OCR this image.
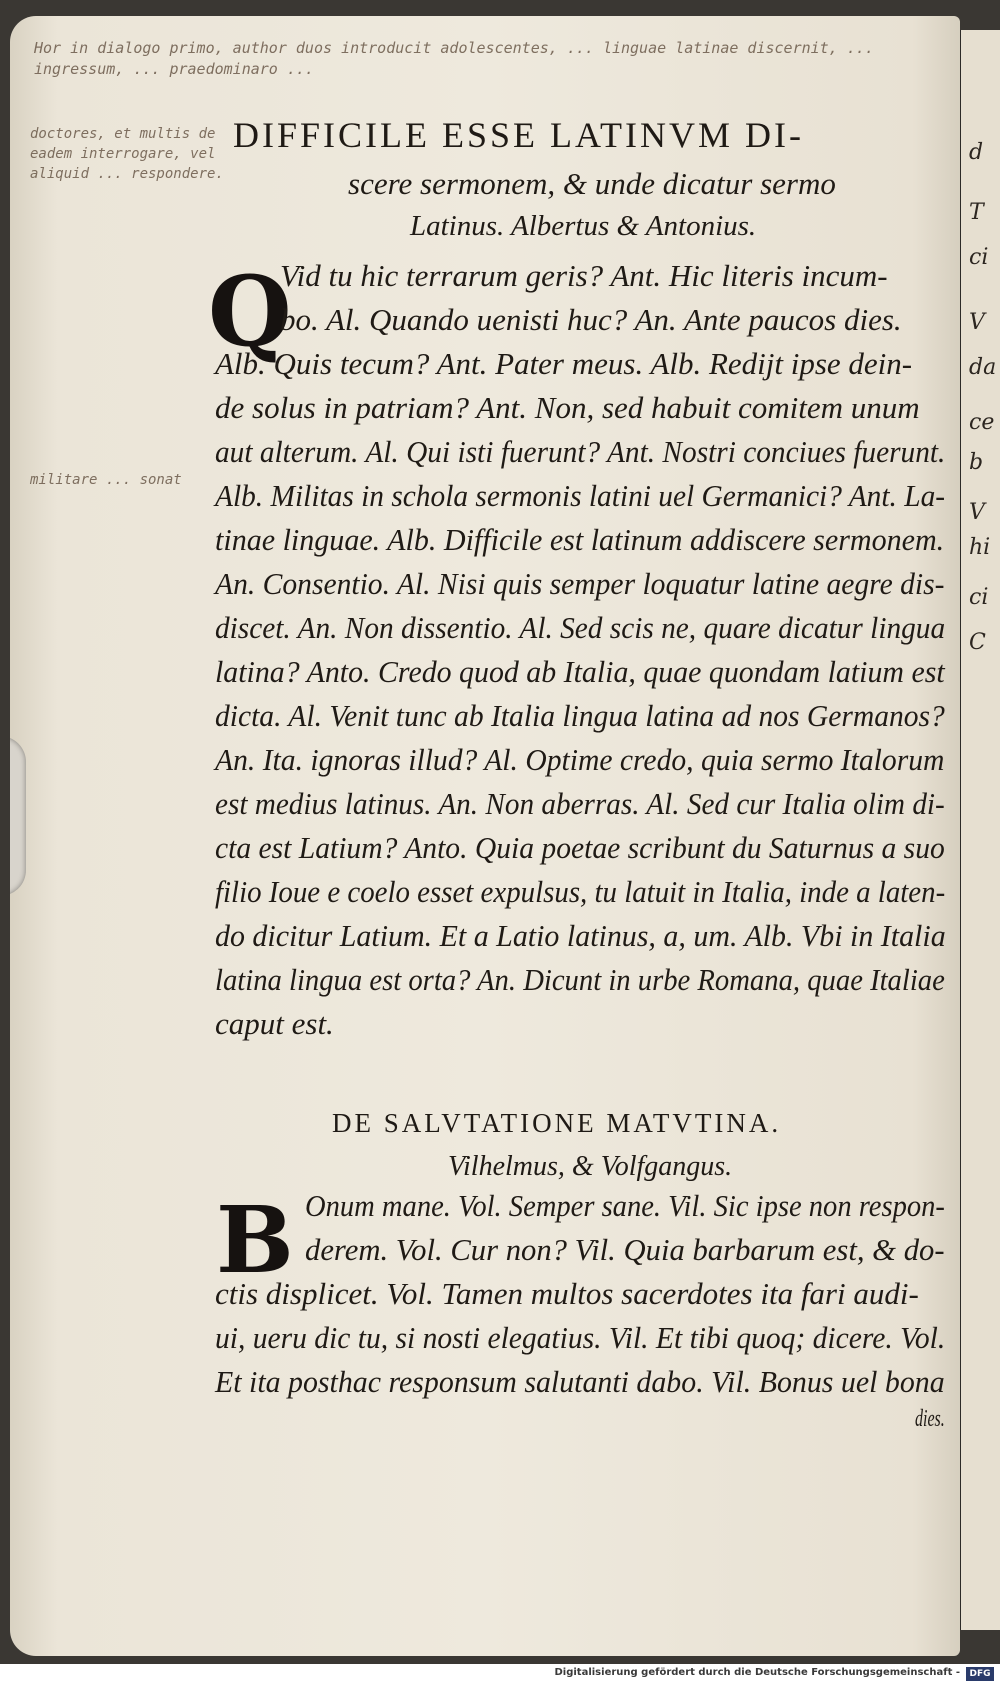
d
T
ci
V
da
ce
b
V
hi
ci
C
Hor in dialogo primo, author duos introducit adolescentes, ... linguae latinae discernit, ... ingressum, ... praedominaro ...
doctores, et multis de eadem interrogare, vel aliquid ... respondere.
militare ... sonat
DIFFICILE ESSE LATINVM DI-
scere sermonem, & unde dicatur sermo
Latinus. Albertus & Antonius.
Q
Vid tu hic terrarum geris? Ant. Hic literis incum-
bo. Al. Quando uenisti huc? An. Ante paucos dies.
Alb. Quis tecum? Ant. Pater meus. Alb. Redijt ipse dein-
de solus in patriam? Ant. Non, sed habuit comitem unum
aut alterum. Al. Qui isti fuerunt? Ant. Nostri conciues fuerunt.
Alb. Militas in schola sermonis latini uel Germanici? Ant. La-
tinae linguae. Alb. Difficile est latinum addiscere sermonem.
An. Consentio. Al. Nisi quis semper loquatur latine aegre dis-
discet. An. Non dissentio. Al. Sed scis ne, quare dicatur lingua
latina? Anto. Credo quod ab Italia, quae quondam latium est
dicta. Al. Venit tunc ab Italia lingua latina ad nos Germanos?
An. Ita. ignoras illud? Al. Optime credo, quia sermo Italorum
est medius latinus. An. Non aberras. Al. Sed cur Italia olim di-
cta est Latium? Anto. Quia poetae scribunt du Saturnus a suo
filio Ioue e coelo esset expulsus, tu latuit in Italia, inde a laten-
do dicitur Latium. Et a Latio latinus, a, um. Alb. Vbi in Italia
latina lingua est orta? An. Dicunt in urbe Romana, quae Italiae
caput est.
DE SALVTATIONE MATVTINA.
Vilhelmus, & Volfgangus.
B Onum mane. Vol. Semper sane. Vil. Sic ipse non respon-
derem. Vol. Cur non? Vil. Quia barbarum est, & do-
ctis displicet. Vol. Tamen multos sacerdotes ita fari audi-
ui, ueru dic tu, si nosti elegatius. Vil. Et tibi quoq; dicere. Vol.
Et ita posthac responsum salutanti dabo. Vil. Bonus uel bona
dies.
Digitalisierung gefördert durch die Deutsche Forschungsgemeinschaft -	DFG
